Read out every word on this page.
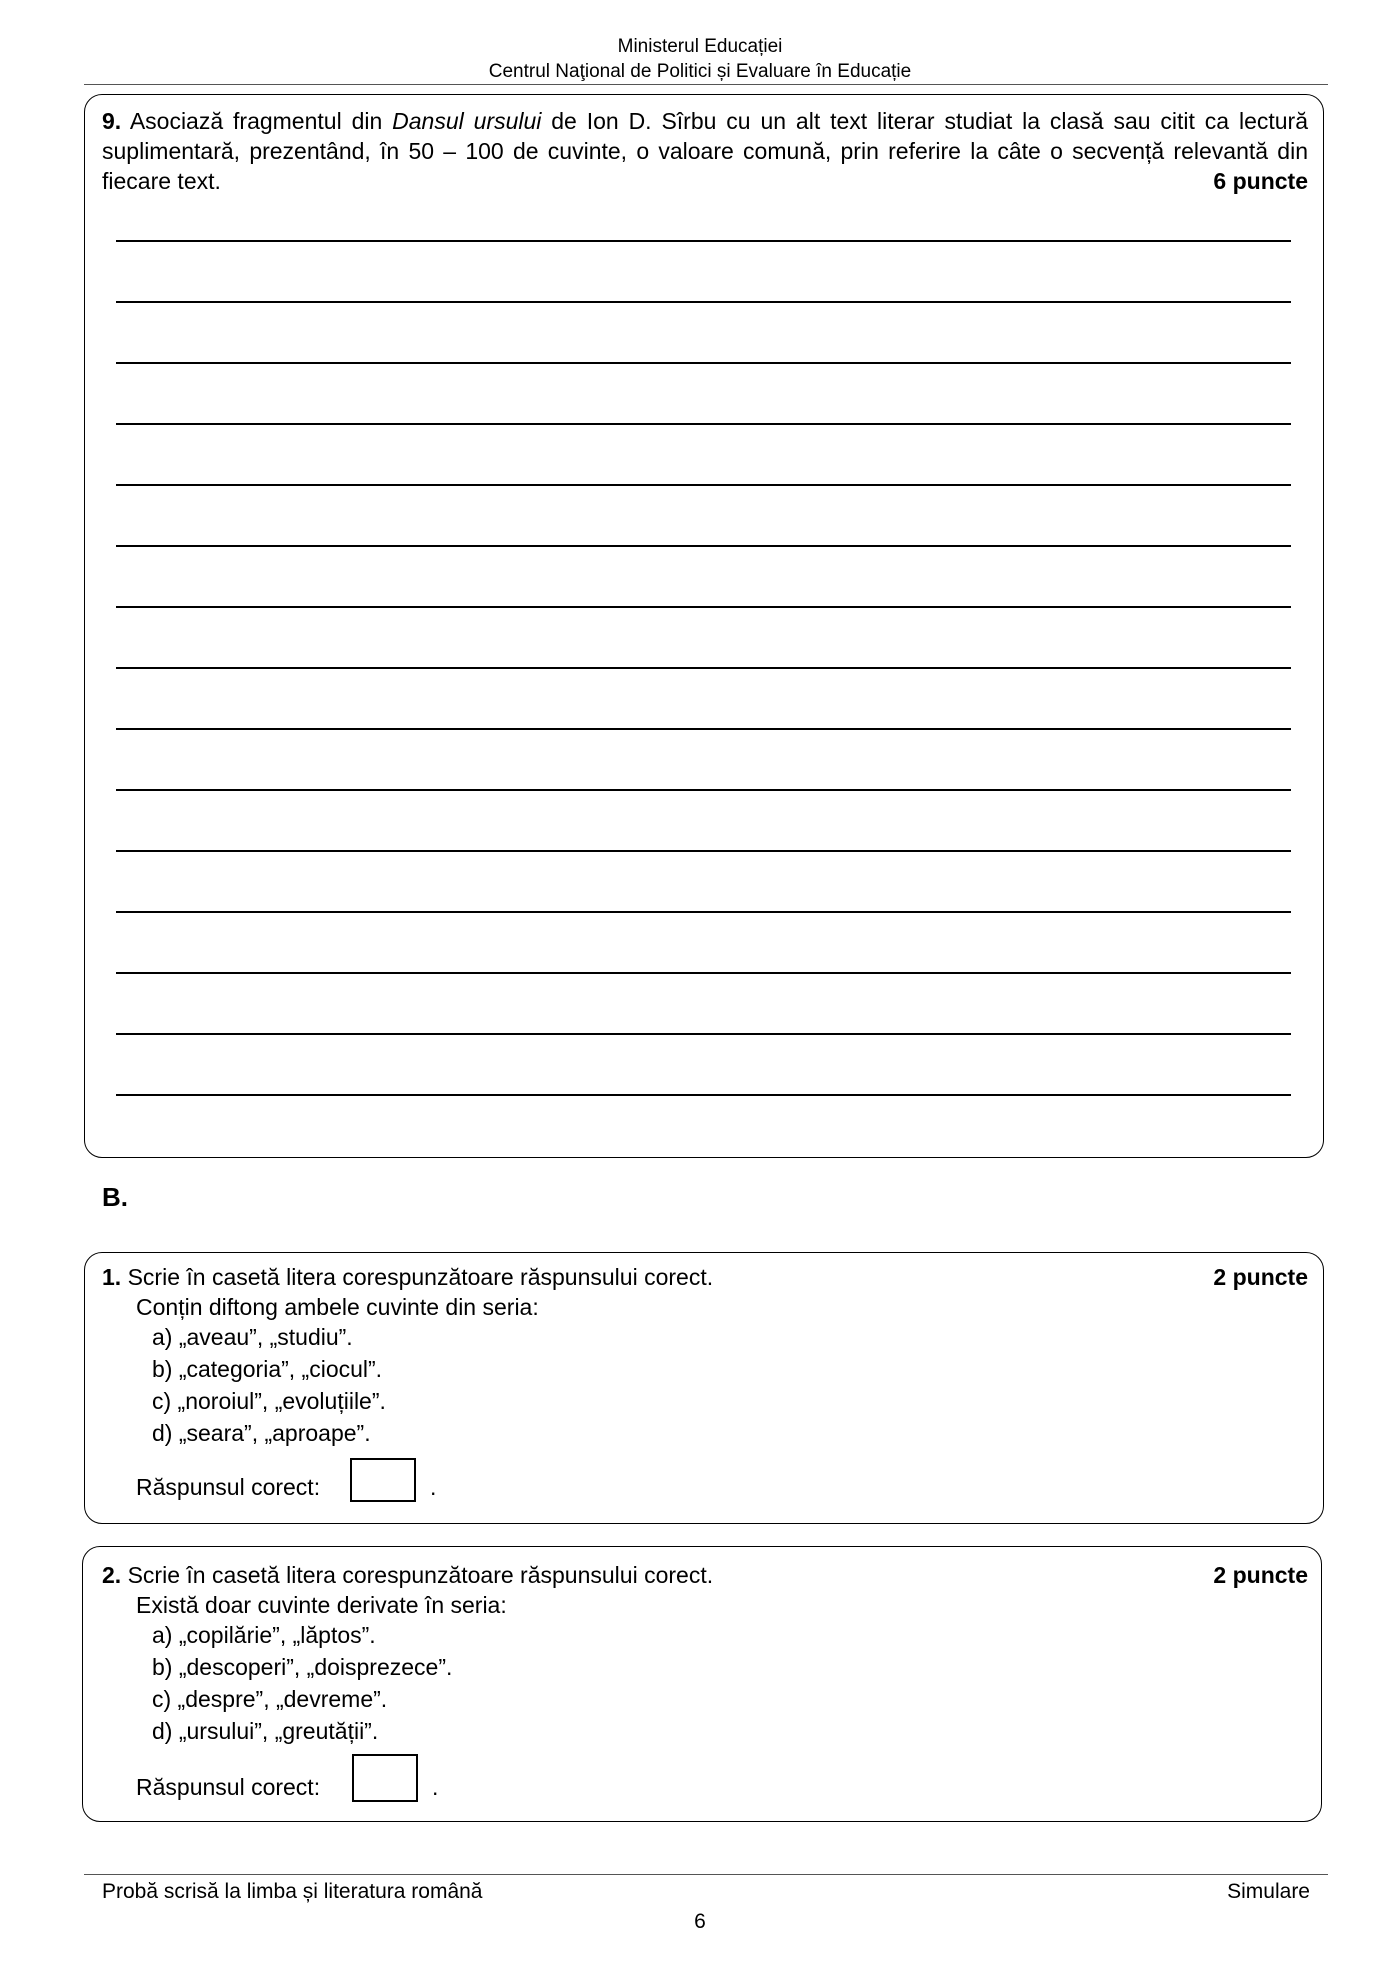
Ministerul Educației
Centrul Naţional de Politici și Evaluare în Educație
9. Asociază fragmentul din Dansul ursului de Ion D. Sîrbu cu un alt text literar studiat la clasă sau citit ca lectură suplimentară, prezentând, în 50 – 100 de cuvinte, o valoare comună, prin referire la câte o secvență relevantă din fiecare text.	6 puncte
B.
1. Scrie în casetă litera corespunzătoare răspunsului corect.	2 puncte
Conțin diftong ambele cuvinte din seria:
a) „aveau”, „studiu”.
b) „categoria”, „ciocul”.
c) „noroiul”, „evoluțiile”.
d) „seara”, „aproape”.
Răspunsul corect:	.
2. Scrie în casetă litera corespunzătoare răspunsului corect.	2 puncte
Există doar cuvinte derivate în seria:
a) „copilărie”, „lăptos”.
b) „descoperi”, „doisprezece”.
c) „despre”, „devreme”.
d) „ursului”, „greutății”.
Răspunsul corect:	.
Probă scrisă la limba și literatura română	Simulare
6
